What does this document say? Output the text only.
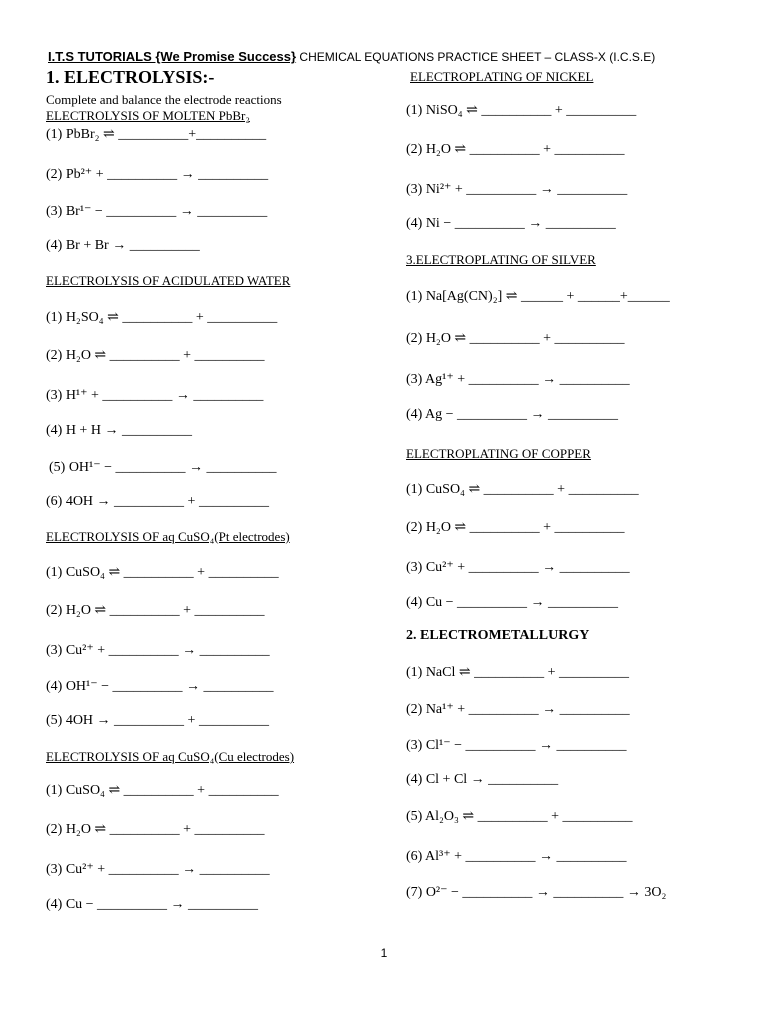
I.T.S TUTORIALS {We Promise Success} CHEMICAL EQUATIONS PRACTICE SHEET – CLASS-X (I.C.S.E)
1. ELECTROLYSIS:-
Complete and balance the electrode reactions
ELECTROLYSIS OF MOLTEN PbBr₂
(1) PbBr₂ ⇌ __________+__________
(2) Pb²⁺ + __________ → __________
(3) Br¹⁻ − __________ → __________
(4) Br + Br → __________
ELECTROLYSIS OF ACIDULATED WATER
(1) H₂SO₄ ⇌ __________ + __________
(2) H₂O ⇌ __________ + __________
(3) H¹⁺ + __________ → __________
(4) H + H → __________
(5) OH¹⁻ − __________ → __________
(6) 4OH → __________ + __________
ELECTROLYSIS OF aq CuSO₄(Pt electrodes)
(1) CuSO₄ ⇌ __________ + __________
(2) H₂O ⇌ __________ + __________
(3) Cu²⁺ + __________ → __________
(4) OH¹⁻ − __________ → __________
(5) 4OH → __________ + __________
ELECTROLYSIS OF aq CuSO₄(Cu electrodes)
(1) CuSO₄ ⇌ __________ + __________
(2) H₂O ⇌ __________ + __________
(3) Cu²⁺ + __________ → __________
(4) Cu − __________ → __________
ELECTROPLATING OF NICKEL
(1) NiSO₄ ⇌ __________ + __________
(2) H₂O ⇌ __________ + __________
(3) Ni²⁺ + __________ → __________
(4) Ni − __________ → __________
3.ELECTROPLATING OF SILVER
(1) Na[Ag(CN)₂] ⇌ ______ + ______+______
(2) H₂O ⇌ __________ + __________
(3) Ag¹⁺ + __________ → __________
(4) Ag − __________ → __________
ELECTROPLATING OF COPPER
(1) CuSO₄ ⇌ __________ + __________
(2) H₂O ⇌ __________ + __________
(3) Cu²⁺ + __________ → __________
(4) Cu − __________ → __________
2. ELECTROMETALLURGY
(1) NaCl ⇌ __________ + __________
(2) Na¹⁺ + __________ → __________
(3) Cl¹⁻ − __________ → __________
(4) Cl + Cl → __________
(5) Al₂O₃ ⇌ __________ + __________
(6) Al³⁺ + __________ → __________
(7) O²⁻ − __________ → __________ → 3O₂
1
